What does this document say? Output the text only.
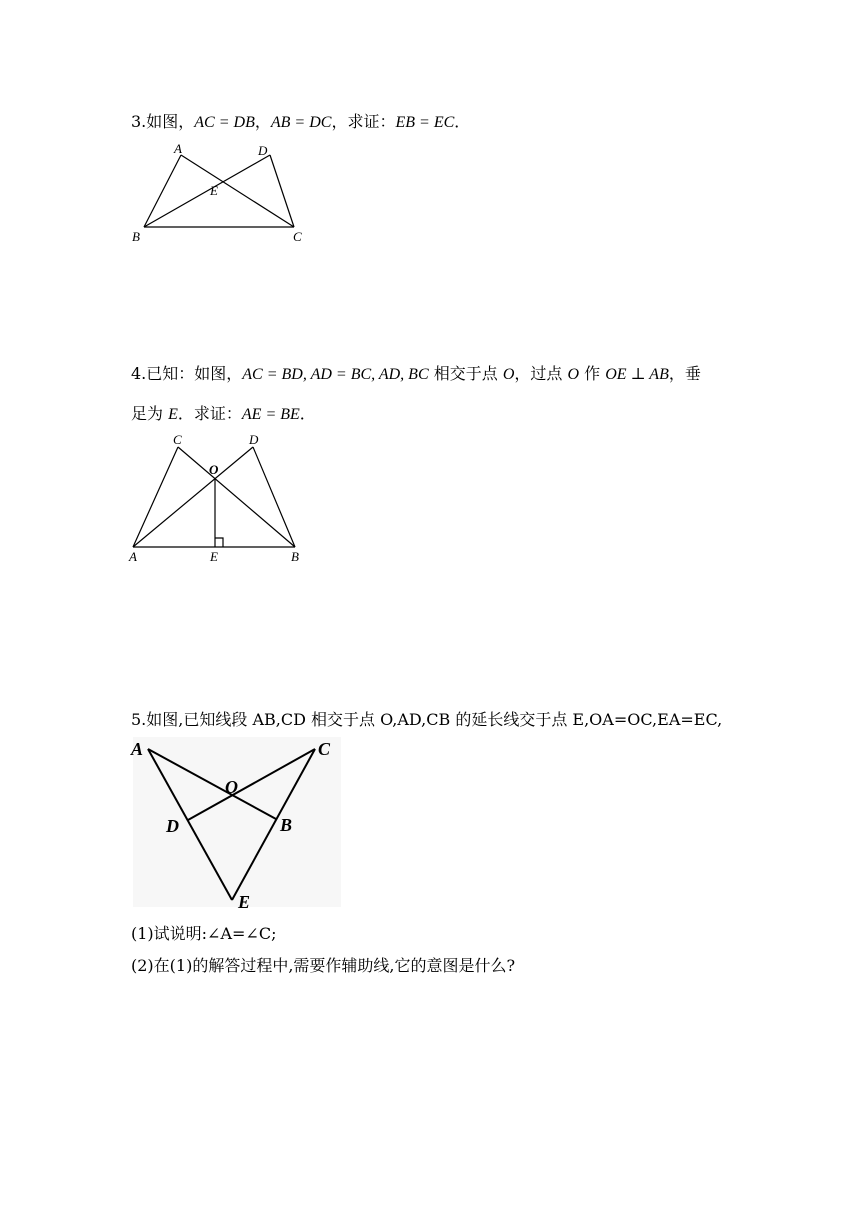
3.如图，AC = DB，AB = DC，求证：EB = EC．
A	D
E
B	C
4.已知：如图，AC = BD, AD = BC, AD, BC 相交于点 O，过点 O 作 OE ⊥ AB，垂
足为 E．求证：AE = BE．
C	D
O
A	E	B
5.如图,已知线段 AB,CD 相交于点 O,AD,CB 的延长线交于点 E,OA=OC,EA=EC,
A	C
O
D	B
E
(1)试说明:∠A=∠C;
(2)在(1)的解答过程中,需要作辅助线,它的意图是什么?
